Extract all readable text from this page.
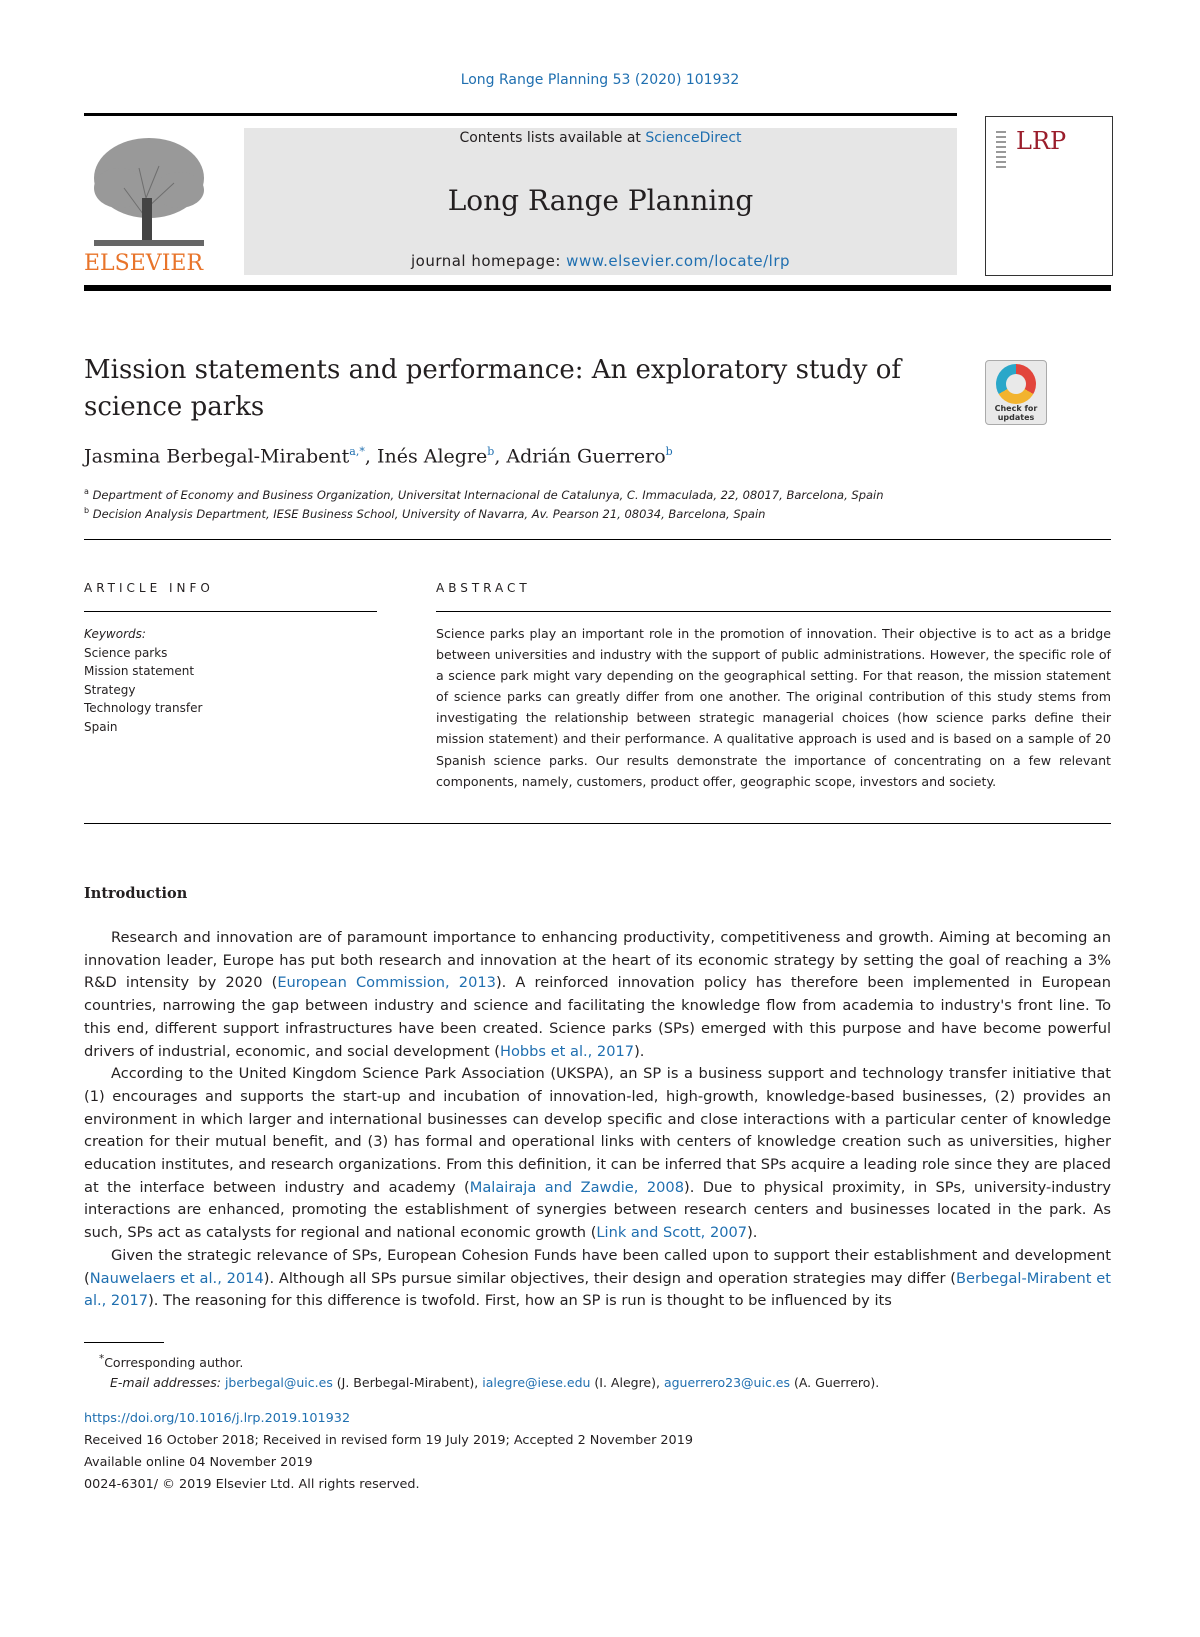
Long Range Planning 53 (2020) 101932
ELSEVIER
Contents lists available at ScienceDirect
Long Range Planning
journal homepage: www.elsevier.com/locate/lrp
LRP
Mission statements and performance: An exploratory study of science parks	Check for updates
Jasmina Berbegal-Mirabent$^{a,*}$, Inés Alegre$^b$, Adrián Guerrero$^b$
$^a$ Department of Economy and Business Organization, Universitat Internacional de Catalunya, C. Immaculada, 22, 08017, Barcelona, Spain
$^b$ Decision Analysis Department, IESE Business School, University of Navarra, Av. Pearson 21, 08034, Barcelona, Spain
ARTICLE INFO	ABSTRACT
Keywords:
Science parks
Mission statement
Strategy
Technology transfer
Spain
Science parks play an important role in the promotion of innovation. Their objective is to act as a bridge between universities and industry with the support of public administrations. However, the specific role of a science park might vary depending on the geographical setting. For that reason, the mission statement of science parks can greatly differ from one another. The original contribution of this study stems from investigating the relationship between strategic managerial choices (how science parks define their mission statement) and their performance. A qualitative approach is used and is based on a sample of 20 Spanish science parks. Our results demonstrate the importance of concentrating on a few relevant components, namely, customers, product offer, geographic scope, investors and society.
Introduction

Research and innovation are of paramount importance to enhancing productivity, competitiveness and growth. Aiming at becoming an innovation leader, Europe has put both research and innovation at the heart of its economic strategy by setting the goal of reaching a 3% R&D intensity by 2020 (European Commission, 2013). A reinforced innovation policy has therefore been implemented in European countries, narrowing the gap between industry and science and facilitating the knowledge flow from academia to industry's front line. To this end, different support infrastructures have been created. Science parks (SPs) emerged with this purpose and have become powerful drivers of industrial, economic, and social development (Hobbs et al., 2017).

According to the United Kingdom Science Park Association (UKSPA), an SP is a business support and technology transfer initiative that (1) encourages and supports the start-up and incubation of innovation-led, high-growth, knowledge-based businesses, (2) provides an environment in which larger and international businesses can develop specific and close interactions with a particular center of knowledge creation for their mutual benefit, and (3) has formal and operational links with centers of knowledge creation such as universities, higher education institutes, and research organizations. From this definition, it can be inferred that SPs acquire a leading role since they are placed at the interface between industry and academy (Malairaja and Zawdie, 2008). Due to physical proximity, in SPs, university-industry interactions are enhanced, promoting the establishment of synergies between research centers and businesses located in the park. As such, SPs act as catalysts for regional and national economic growth (Link and Scott, 2007).

Given the strategic relevance of SPs, European Cohesion Funds have been called upon to support their establishment and development (Nauwelaers et al., 2014). Although all SPs pursue similar objectives, their design and operation strategies may differ (Berbegal-Mirabent et al., 2017). The reasoning for this difference is twofold. First, how an SP is run is thought to be influenced by its

*Corresponding author.
E-mail addresses: jberbegal@uic.es (J. Berbegal-Mirabent), ialegre@iese.edu (I. Alegre), aguerrero23@uic.es (A. Guerrero).
https://doi.org/10.1016/j.lrp.2019.101932
Received 16 October 2018; Received in revised form 19 July 2019; Accepted 2 November 2019
Available online 04 November 2019
0024-6301/ © 2019 Elsevier Ltd. All rights reserved.
